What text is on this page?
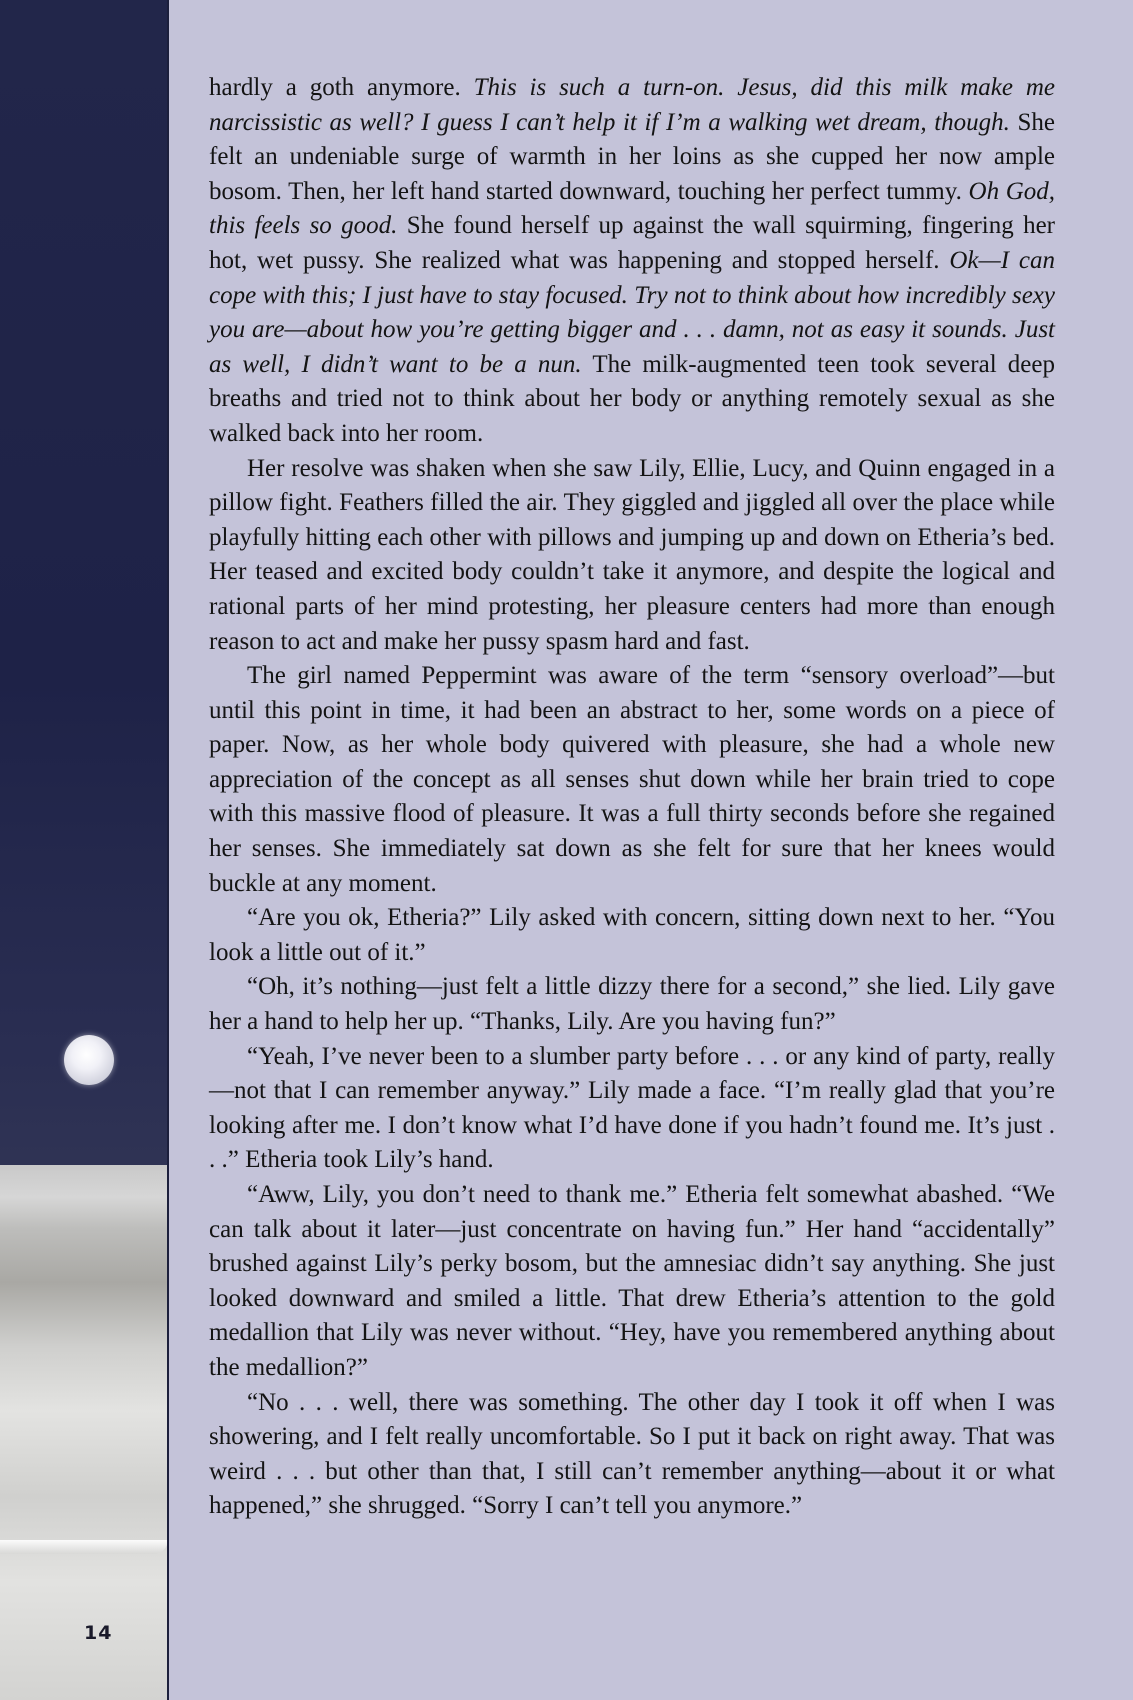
14

hardly a goth anymore. This is such a turn-on. Jesus, did this milk make me narcissistic as well? I guess I can’t help it if I’m a walking wet dream, though. She felt an undeniable surge of warmth in her loins as she cupped her now ample bosom. Then, her left hand started downward, touching her perfect tummy. Oh God, this feels so good. She found herself up against the wall squirming, fingering her hot, wet pussy. She realized what was happening and stopped herself. Ok—I can cope with this; I just have to stay focused. Try not to think about how incredibly sexy you are—about how you’re getting bigger and . . . damn, not as easy it sounds. Just as well, I didn’t want to be a nun. The milk-augmented teen took several deep breaths and tried not to think about her body or anything remotely sexual as she walked back into her room.

Her resolve was shaken when she saw Lily, Ellie, Lucy, and Quinn engaged in a pillow fight. Feathers filled the air. They giggled and jiggled all over the place while playfully hitting each other with pillows and jumping up and down on Etheria’s bed. Her teased and excited body couldn’t take it anymore, and despite the logical and rational parts of her mind protesting, her pleasure centers had more than enough reason to act and make her pussy spasm hard and fast.

The girl named Peppermint was aware of the term “sensory overload”—but until this point in time, it had been an abstract to her, some words on a piece of paper. Now, as her whole body quivered with pleasure, she had a whole new appreciation of the concept as all senses shut down while her brain tried to cope with this massive flood of pleasure. It was a full thirty seconds before she regained her senses. She immediately sat down as she felt for sure that her knees would buckle at any moment.

“Are you ok, Etheria?” Lily asked with concern, sitting down next to her. “You look a little out of it.”

“Oh, it’s nothing—just felt a little dizzy there for a second,” she lied. Lily gave her a hand to help her up. “Thanks, Lily. Are you having fun?”

“Yeah, I’ve never been to a slumber party before . . . or any kind of party, really—not that I can remember anyway.” Lily made a face. “I’m really glad that you’re looking after me. I don’t know what I’d have done if you hadn’t found me. It’s just . . .” Etheria took Lily’s hand.

“Aww, Lily, you don’t need to thank me.” Etheria felt somewhat abashed. “We can talk about it later—just concentrate on having fun.” Her hand “accidentally” brushed against Lily’s perky bosom, but the amnesiac didn’t say anything. She just looked downward and smiled a little. That drew Etheria’s attention to the gold medallion that Lily was never without. “Hey, have you remembered anything about the medallion?”

“No . . . well, there was something. The other day I took it off when I was showering, and I felt really uncomfortable. So I put it back on right away. That was weird . . . but other than that, I still can’t remember anything—about it or what happened,” she shrugged. “Sorry I can’t tell you anymore.”
